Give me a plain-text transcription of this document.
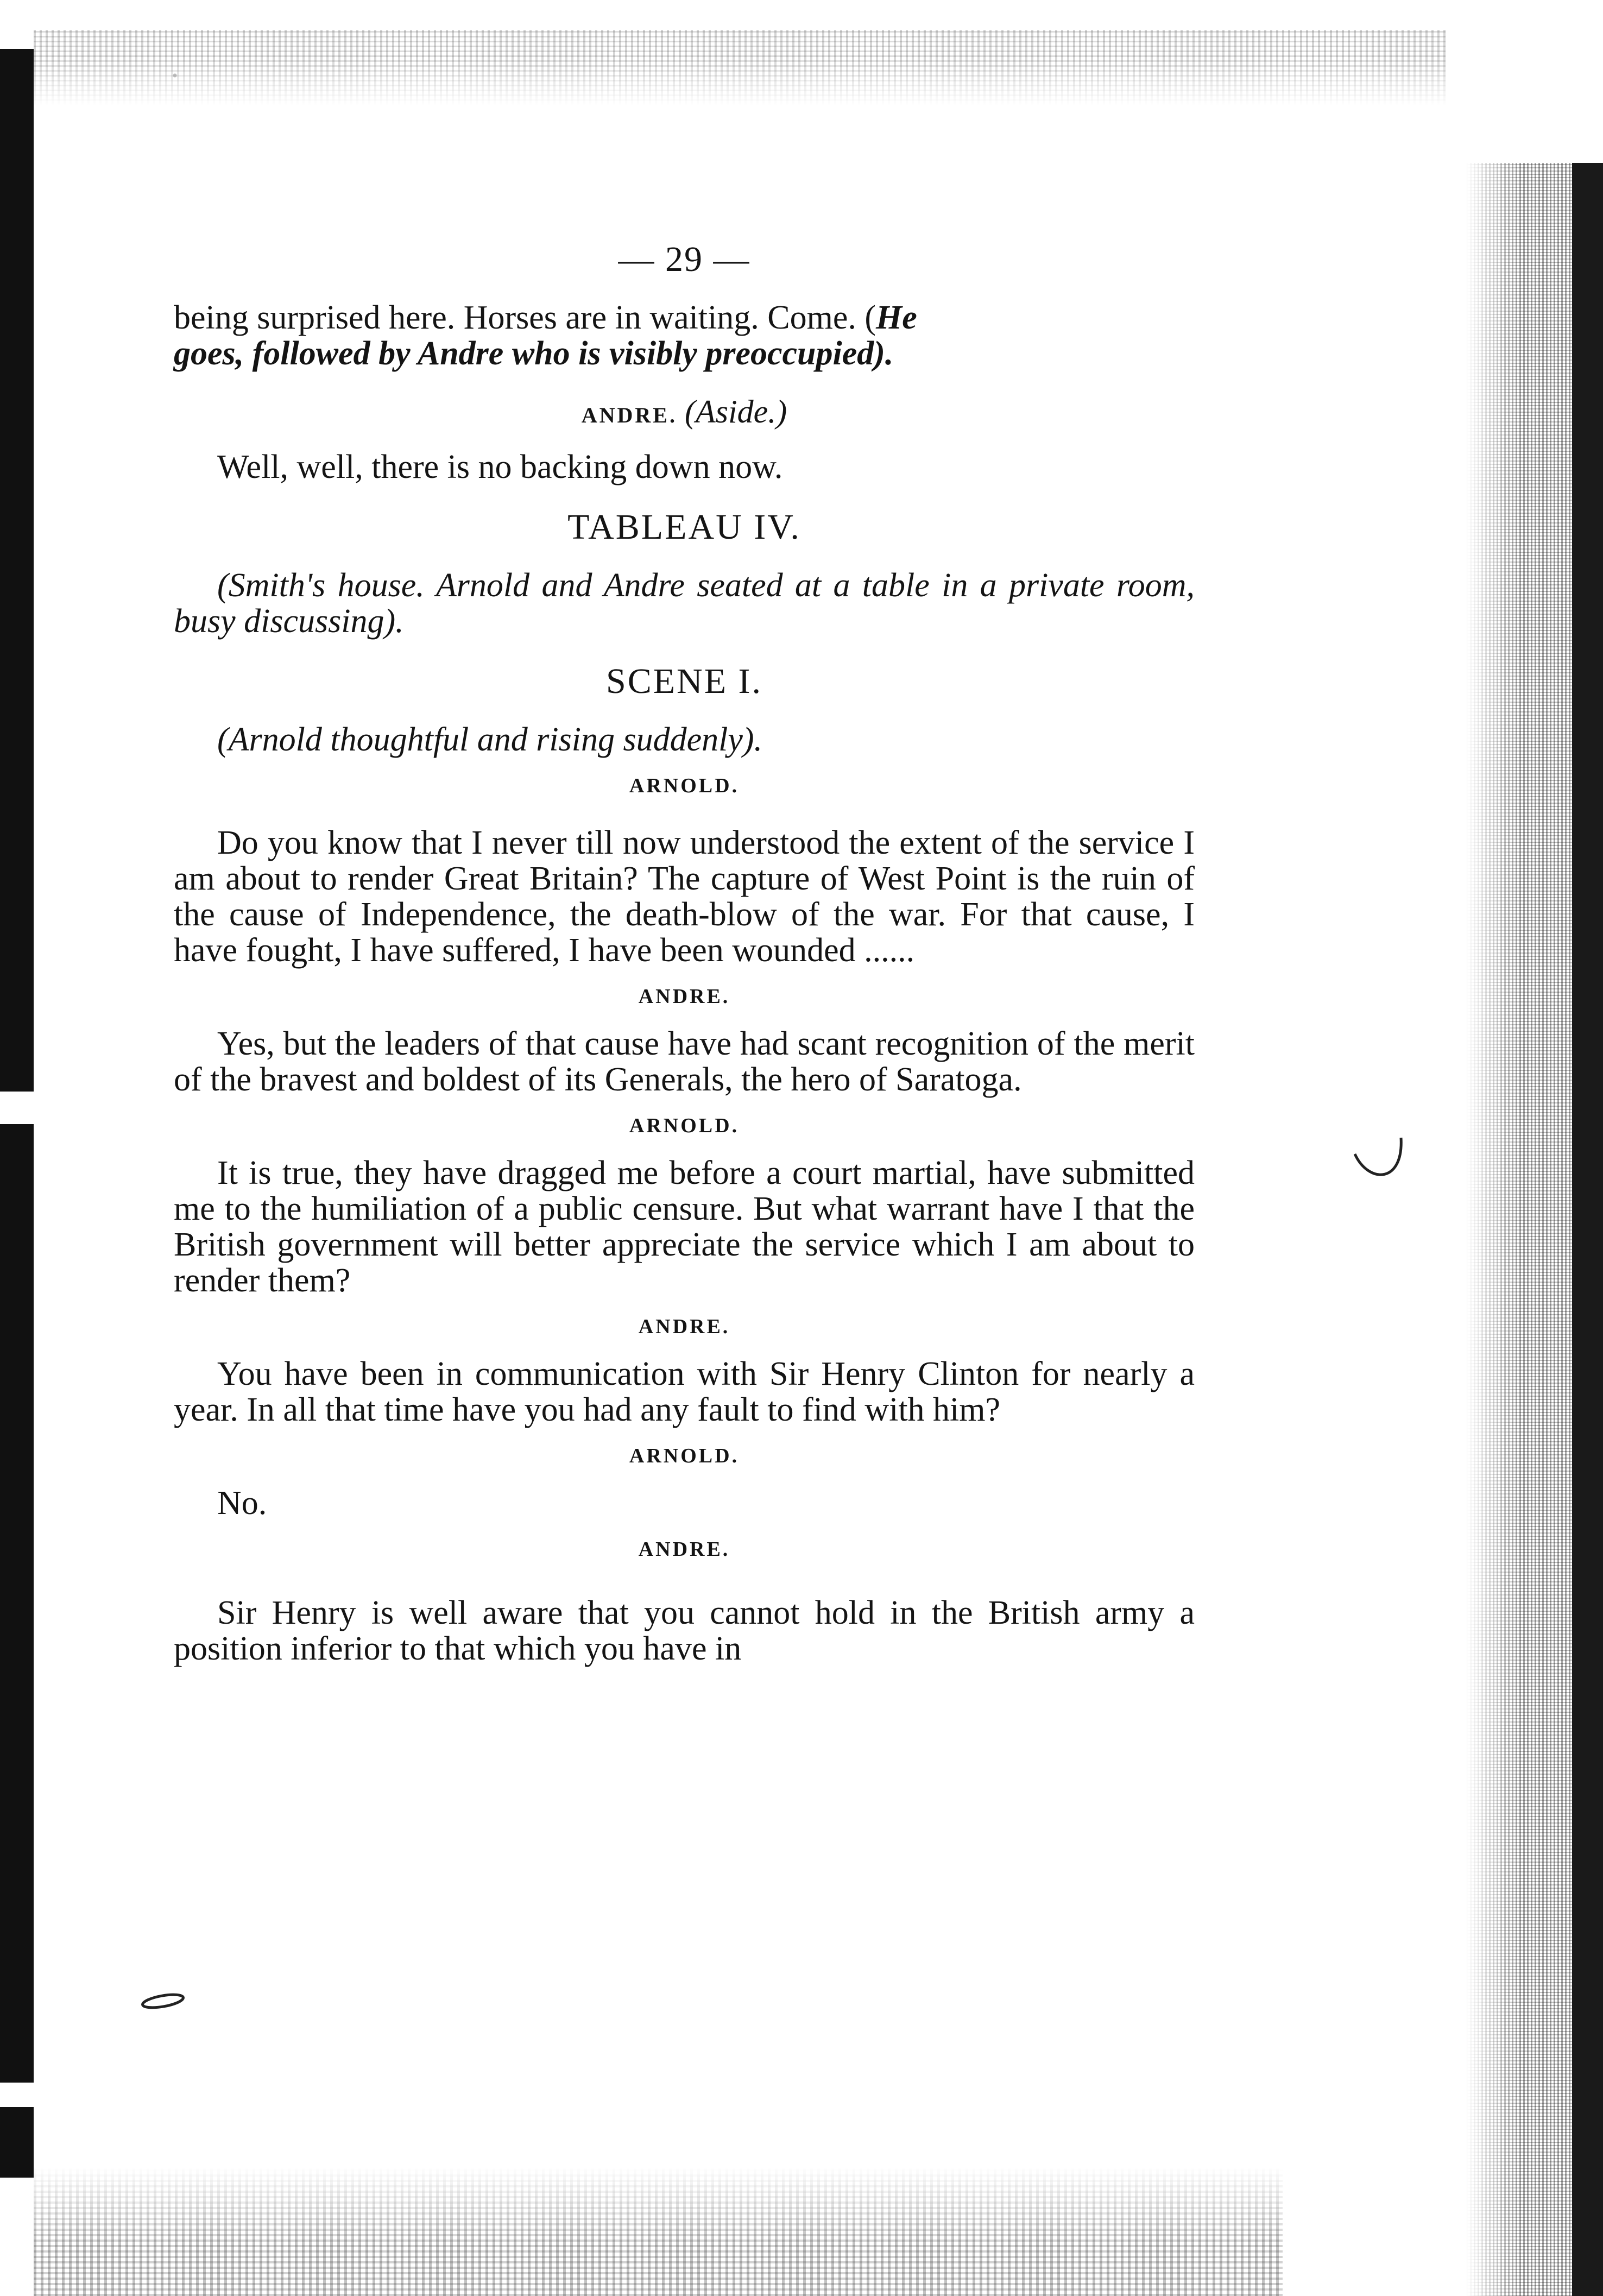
— 29 —

being surprised here. Horses are in waiting. Come. (He
goes, followed by Andre who is visibly preoccupied).

ANDRE. (Aside.)

Well, well, there is no backing down now.

TABLEAU IV.

(Smith's house. Arnold and Andre seated at a table in a private room, busy discussing).

SCENE I.

(Arnold thoughtful and rising suddenly).

ARNOLD.

Do you know that I never till now understood the extent of the service I am about to render Great Britain? The capture of West Point is the ruin of the cause of Independence, the death-blow of the war. For that cause, I have fought, I have suffered, I have been wounded ......

ANDRE.

Yes, but the leaders of that cause have had scant recognition of the merit of the bravest and boldest of its Generals, the hero of Saratoga.

ARNOLD.

It is true, they have dragged me before a court martial, have submitted me to the humiliation of a public censure. But what warrant have I that the British government will better appreciate the service which I am about to render them?

ANDRE.

You have been in communication with Sir Henry Clinton for nearly a year. In all that time have you had any fault to find with him?

ARNOLD.

No.

ANDRE.

Sir Henry is well aware that you cannot hold in the British army a position inferior to that which you have in
